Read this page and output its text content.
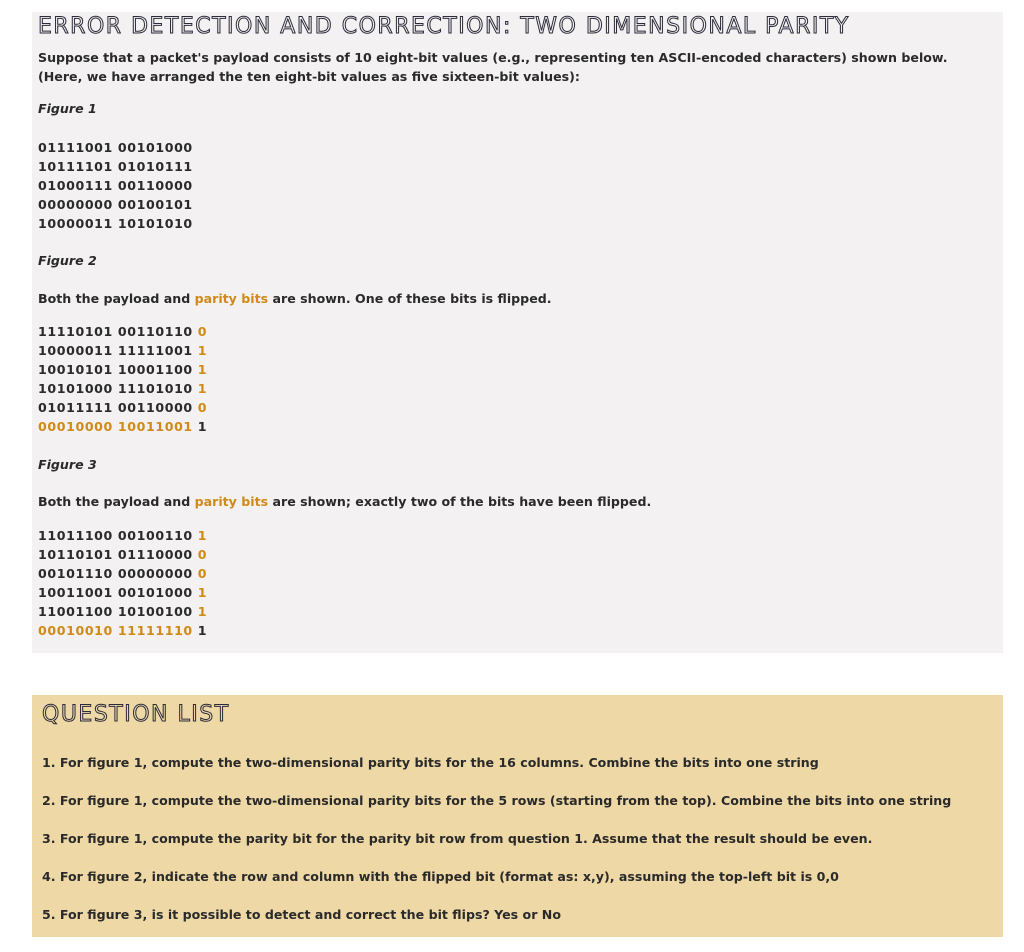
ERROR DETECTION AND CORRECTION: TWO DIMENSIONAL PARITY
Suppose that a packet's payload consists of 10 eight-bit values (e.g., representing ten ASCII-encoded characters) shown below. (Here, we have arranged the ten eight-bit values as five sixteen-bit values):
Figure 1
01111001 00101000
10111101 01010111
01000111 00110000
00000000 00100101
10000011 10101010
Figure 2
Both the payload and parity bits are shown. One of these bits is flipped.
11110101 00110110 0
10000011 11111001 1
10010101 10001100 1
10101000 11101010 1
01011111 00110000 0
00010000 10011001 1
Figure 3
Both the payload and parity bits are shown; exactly two of the bits have been flipped.
11011100 00100110 1
10110101 01110000 0
00101110 00000000 0
10011001 00101000 1
11001100 10100100 1
00010010 11111110 1
QUESTION LIST
1. For figure 1, compute the two-dimensional parity bits for the 16 columns. Combine the bits into one string
2. For figure 1, compute the two-dimensional parity bits for the 5 rows (starting from the top). Combine the bits into one string
3. For figure 1, compute the parity bit for the parity bit row from question 1. Assume that the result should be even.
4. For figure 2, indicate the row and column with the flipped bit (format as: x,y), assuming the top-left bit is 0,0
5. For figure 3, is it possible to detect and correct the bit flips? Yes or No
